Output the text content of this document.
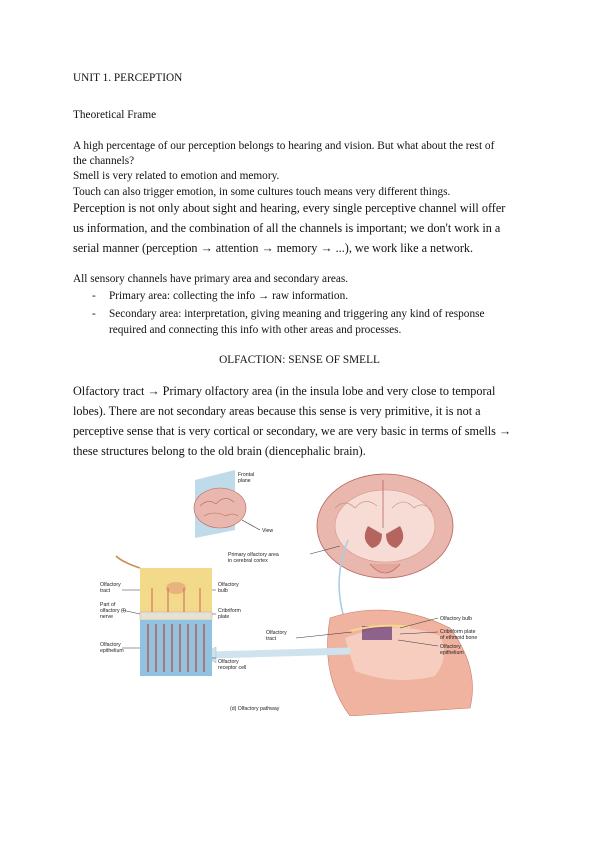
UNIT 1. PERCEPTION
Theoretical Frame
A high percentage of our perception belongs to hearing and vision. But what about the rest of
the channels?
Smell is very related to emotion and memory.
Touch can also trigger emotion, in some cultures touch means very different things.
Perception is not only about sight and hearing, every single perceptive channel will offer
us information, and the combination of all the channels is important; we don't work in a
serial manner (perception → attention → memory → ...), we work like a network.
All sensory channels have primary area and secondary areas.
- Primary area: collecting the info → raw information.
- Secondary area: interpretation, giving meaning and triggering any kind of response
required and connecting this info with other areas and processes.
OLFACTION: SENSE OF SMELL
Olfactory tract → Primary olfactory area (in the insula lobe and very close to temporal
lobes). There are not secondary areas because this sense is very primitive, it is not a
perceptive sense that is very cortical or secondary, we are very basic in terms of smells →
these structures belong to the old brain (diencephalic brain).
Frontal
plane
View
Primary olfactory area
in cerebral cortex
Olfactory bulb
Cribriform plate
of ethmoid bone
Olfactory
epithelium
Olfactory
tract
Olfactory
tract
Part of
olfactory (I)
nerve
Olfactory
epithelium
Olfactory
bulb
Cribriform
plate
Olfactory
receptor cell
(d) Olfactory pathway
